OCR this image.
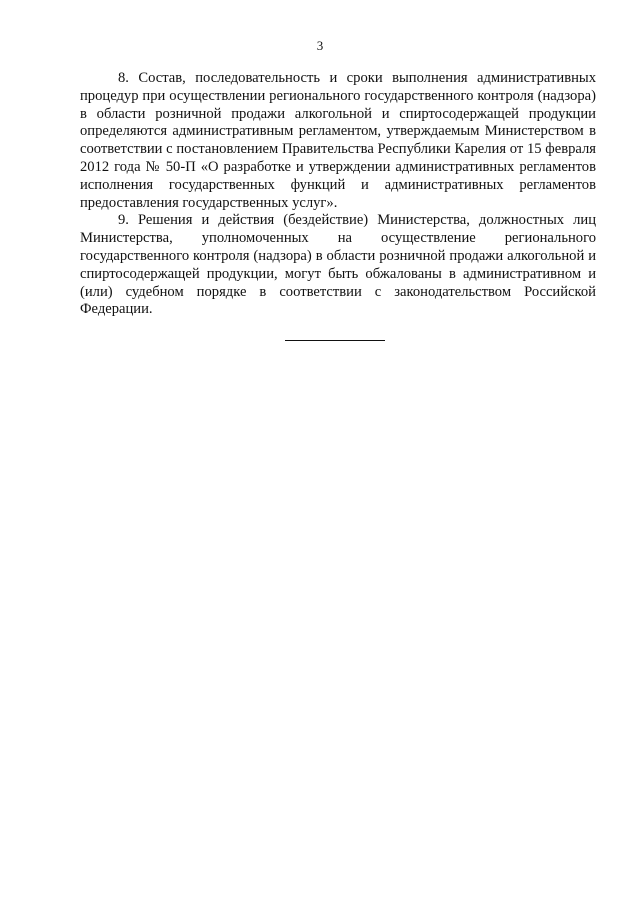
3

8. Состав, последовательность и сроки выполнения административных процедур при осуществлении регионального государственного контроля (надзора) в области розничной продажи алкогольной и спиртосодержащей продукции определяются административным регламентом, утверждаемым Министерством в соответствии с постановлением Правительства Республики Карелия от 15 февраля 2012 года № 50-П «О разработке и утверждении административных регламентов исполнения государственных функций и административных регламентов предоставления государственных услуг».

9. Решения и действия (бездействие) Министерства, должностных лиц Министерства, уполномоченных на осуществление регионального государственного контроля (надзора) в области розничной продажи алкогольной и спиртосодержащей продукции, могут быть обжалованы в административном и (или) судебном порядке в соответствии с законодательством Российской Федерации.
